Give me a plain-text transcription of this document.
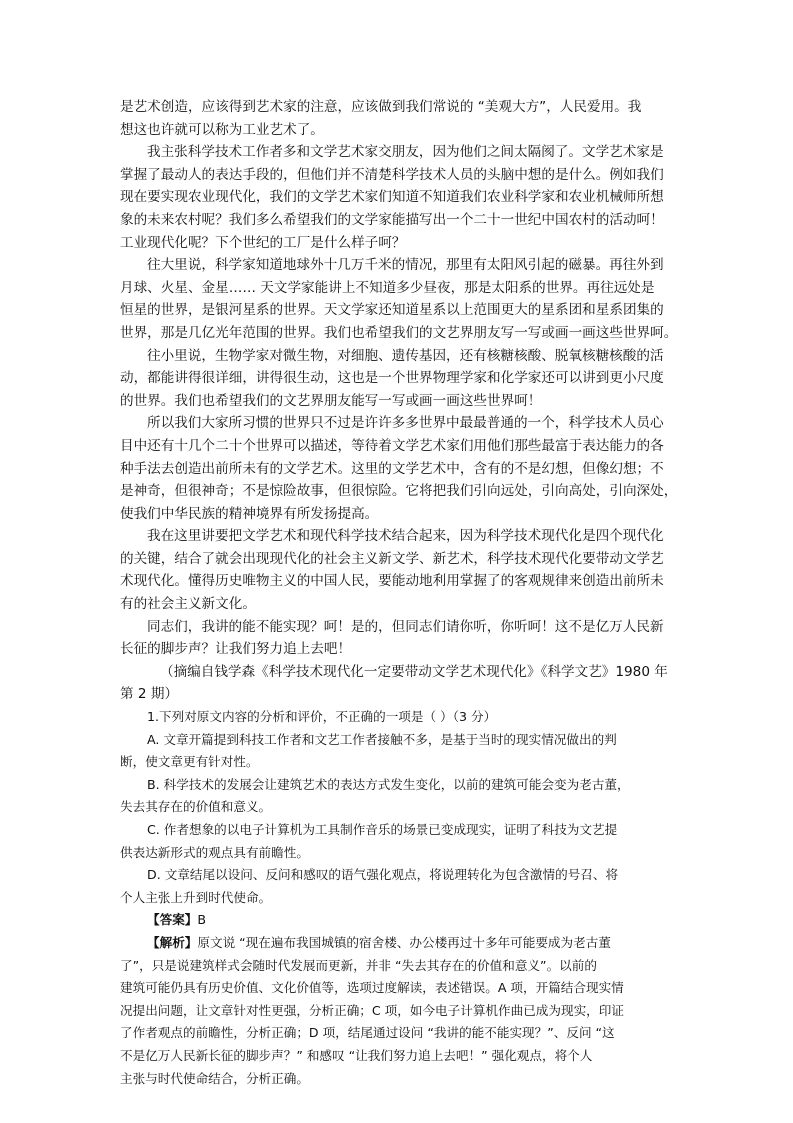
是艺术创造，应该得到艺术家的注意，应该做到我们常说的 “美观大方”，人民爱用。我
想这也许就可以称为工业艺术了。
我主张科学技术工作者多和文学艺术家交朋友，因为他们之间太隔阂了。文学艺术家是
掌握了最动人的表达手段的，但他们并不清楚科学技术人员的头脑中想的是什么。例如我们
现在要实现农业现代化，我们的文学艺术家们知道不知道我们农业科学家和农业机械师所想
象的未来农村呢？我们多么希望我们的文学家能描写出一个二十一世纪中国农村的活动呵！
工业现代化呢？下个世纪的工厂是什么样子呵？
往大里说，科学家知道地球外十几万千米的情况，那里有太阳风引起的磁暴。再往外到
月球、火星、金星…… 天文学家能讲上不知道多少昼夜，那是太阳系的世界。再往远处是
恒星的世界，是银河星系的世界。天文学家还知道星系以上范围更大的星系团和星系团集的
世界，那是几亿光年范围的世界。我们也希望我们的文艺界朋友写一写或画一画这些世界呵。
往小里说，生物学家对微生物，对细胞、遗传基因，还有核糖核酸、脱氧核糖核酸的活
动，都能讲得很详细，讲得很生动，这也是一个世界物理学家和化学家还可以讲到更小尺度
的世界。我们也希望我们的文艺界朋友能写一写或画一画这些世界呵！
所以我们大家所习惯的世界只不过是许许多多世界中最最普通的一个，科学技术人员心
目中还有十几个二十个世界可以描述，等待着文学艺术家们用他们那些最富于表达能力的各
种手法去创造出前所未有的文学艺术。这里的文学艺术中，含有的不是幻想，但像幻想；不
是神奇，但很神奇；不是惊险故事，但很惊险。它将把我们引向远处，引向高处，引向深处，
使我们中华民族的精神境界有所发扬提高。
我在这里讲要把文学艺术和现代科学技术结合起来，因为科学技术现代化是四个现代化
的关键，结合了就会出现现代化的社会主义新文学、新艺术，科学技术现代化要带动文学艺
术现代化。懂得历史唯物主义的中国人民，要能动地利用掌握了的客观规律来创造出前所未
有的社会主义新文化。
同志们，我讲的能不能实现？呵！是的，但同志们请你听，你听呵！这不是亿万人民新
长征的脚步声？让我们努力追上去吧！
（摘编自钱学森《科学技术现代化一定要带动文学艺术现代化》《科学文艺》1980 年
第 2 期）
1.下列对原文内容的分析和评价，不正确的一项是（ ）（3 分）
A. 文章开篇提到科技工作者和文艺工作者接触不多，是基于当时的现实情况做出的判
断，使文章更有针对性。
B. 科学技术的发展会让建筑艺术的表达方式发生变化，以前的建筑可能会变为老古董，
失去其存在的价值和意义。
C. 作者想象的以电子计算机为工具制作音乐的场景已变成现实，证明了科技为文艺提
供表达新形式的观点具有前瞻性。
D. 文章结尾以设问、反问和感叹的语气强化观点，将说理转化为包含激情的号召、将
个人主张上升到时代使命。
【答案】B
【解析】原文说 “现在遍布我国城镇的宿舍楼、办公楼再过十多年可能要成为老古董
了”，只是说建筑样式会随时代发展而更新，并非 “失去其存在的价值和意义”。以前的
建筑可能仍具有历史价值、文化价值等，选项过度解读，表述错误。A 项，开篇结合现实情
况提出问题，让文章针对性更强，分析正确；C 项，如今电子计算机作曲已成为现实，印证
了作者观点的前瞻性，分析正确；D 项，结尾通过设问 “我讲的能不能实现？”、反问 “这
不是亿万人民新长征的脚步声？” 和感叹 “让我们努力追上去吧！” 强化观点，将个人
主张与时代使命结合，分析正确。
